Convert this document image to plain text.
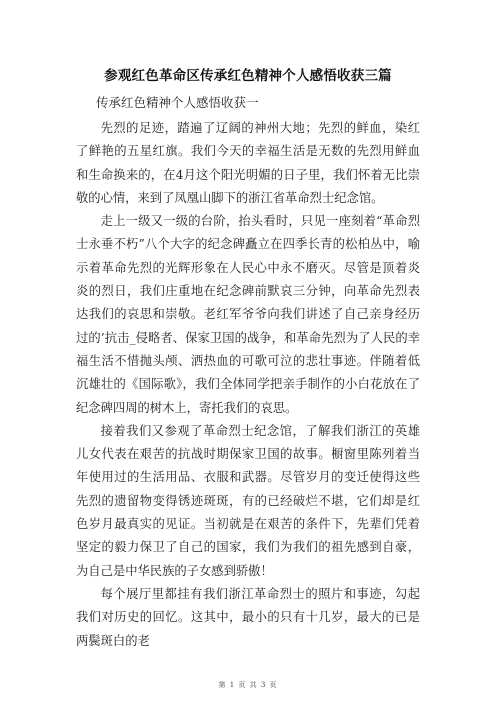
参观红色革命区传承红色精神个人感悟收获三篇
传承红色精神个人感悟收获一

先烈的足迹，踏遍了辽阔的神州大地；先烈的鲜血，染红了鲜艳的五星红旗。我们今天的幸福生活是无数的先烈用鲜血和生命换来的，在4月这个阳光明媚的日子里，我们怀着无比崇敬的心情，来到了凤凰山脚下的浙江省革命烈士纪念馆。

走上一级又一级的台阶，抬头看时，只见一座刻着“革命烈士永垂不朽”八个大字的纪念碑矗立在四季长青的松柏丛中，喻示着革命先烈的光辉形象在人民心中永不磨灭。尽管是顶着炎炎的烈日，我们庄重地在纪念碑前默哀三分钟，向革命先烈表达我们的哀思和崇敬。老红军爷爷向我们讲述了自己亲身经历过的’抗击_侵略者、保家卫国的战争，和革命先烈为了人民的幸福生活不惜抛头颅、洒热血的可歌可泣的悲壮事迹。伴随着低沉雄壮的《国际歌》，我们全体同学把亲手制作的小白花放在了纪念碑四周的树木上，寄托我们的哀思。

接着我们又参观了革命烈士纪念馆，了解我们浙江的英雄儿女代表在艰苦的抗战时期保家卫国的故事。橱窗里陈列着当年使用过的生活用品、衣服和武器。尽管岁月的变迁使得这些先烈的遗留物变得锈迹斑斑，有的已经破烂不堪，它们却是红色岁月最真实的见证。当初就是在艰苦的条件下，先辈们凭着坚定的毅力保卫了自己的国家，我们为我们的祖先感到自豪，为自己是中华民族的子女感到骄傲！

每个展厅里都挂有我们浙江革命烈士的照片和事迹，勾起我们对历史的回忆。这其中，最小的只有十几岁，最大的已是两鬓斑白的老

第 1 页 共 3 页
